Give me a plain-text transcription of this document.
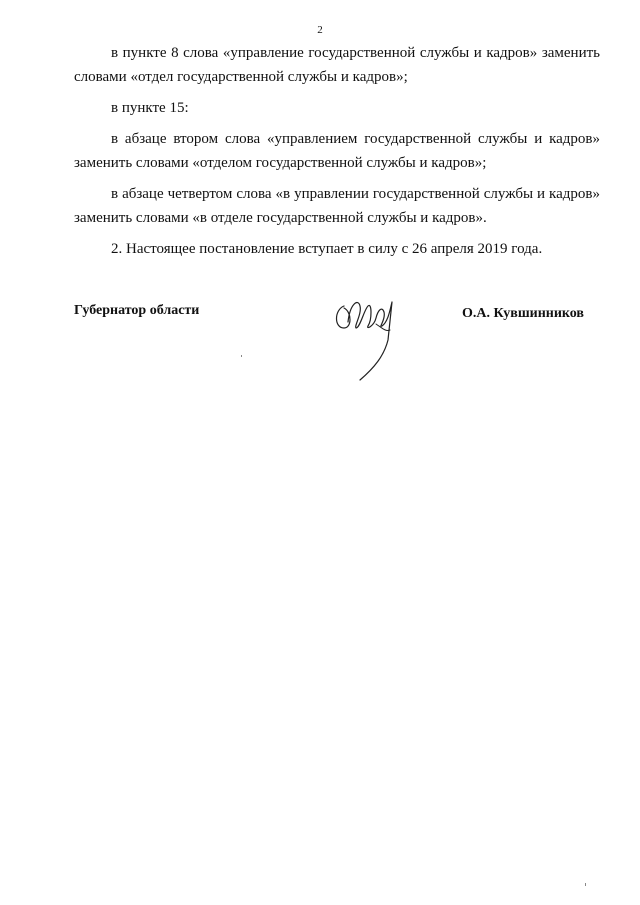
2

в пункте 8 слова «управление государственной службы и кадров» заменить словами «отдел государственной службы и кадров»;

в пункте 15:

в абзаце втором слова «управлением государственной службы и кадров» заменить словами «отделом государственной службы и кадров»;

в абзаце четвертом слова «в управлении государственной службы и кадров» заменить словами «в отделе государственной службы и кадров».

2. Настоящее постановление вступает в силу с 26 апреля 2019 года.

Губернатор области	О.А. Кувшинников
